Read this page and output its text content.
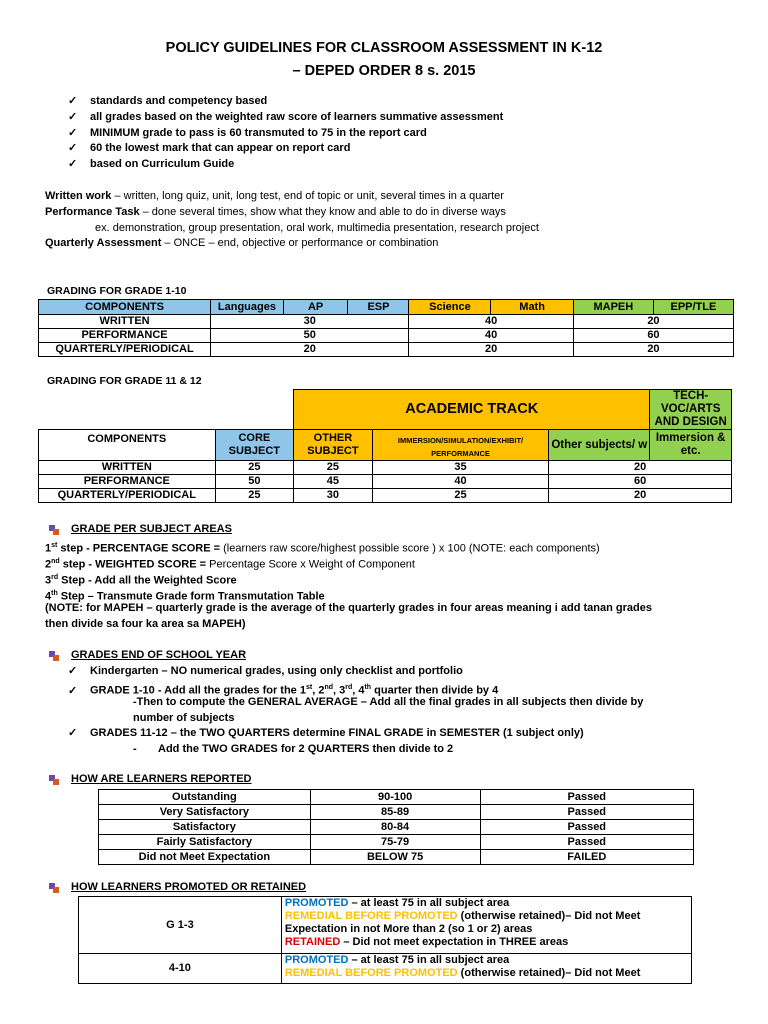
POLICY GUIDELINES FOR CLASSROOM ASSESSMENT IN K-12
– DEPED ORDER 8 s. 2015
✓ standards and competency based
✓ all grades based on the weighted raw score of learners summative assessment
✓ MINIMUM grade to pass is 60 transmuted to 75 in the report card
✓ 60 the lowest mark that can appear on report card
✓ based on Curriculum Guide
Written work – written, long quiz, unit, long test, end of topic or unit, several times in a quarter
Performance Task – done several times, show what they know and able to do in diverse ways
ex. demonstration, group presentation, oral work, multimedia presentation, research project
Quarterly Assessment – ONCE – end, objective or performance or combination
GRADING FOR GRADE 1-10
COMPONENTS	Languages	AP	ESP	Science	Math	MAPEH	EPP/TLE
WRITTEN	30			40		20	
PERFORMANCE	50			40		60	
QUARTERLY/PERIODICAL	20			20		20	
GRADING FOR GRADE 11 & 12
		ACADEMIC TRACK			TECH-VOC/ARTS AND DESIGN
COMPONENTS	CORE SUBJECT	OTHER SUBJECT	IMMERSION/SIMULATION/EXHIBIT/ PERFORMANCE	Other subjects/ w	Immersion & etc.
WRITTEN	25	25	35	20	
PERFORMANCE	50	45	40	60	
QUARTERLY/PERIODICAL	25	30	25	20	
GRADE PER SUBJECT AREAS
1st step - PERCENTAGE SCORE = (learners raw score/highest possible score ) x 100 (NOTE: each components)
2nd step - WEIGHTED SCORE = Percentage Score x Weight of Component
3rd Step - Add all the Weighted Score
4th Step – Transmute Grade form Transmutation Table
(NOTE: for MAPEH – quarterly grade is the average of the quarterly grades in four areas meaning i add tanan grades
then divide sa four ka area sa MAPEH)
GRADES END OF SCHOOL YEAR
✓ Kindergarten – NO numerical grades, using only checklist and portfolio
✓ GRADE 1-10 - Add all the grades for the 1st, 2nd, 3rd, 4th quarter then divide by 4
-Then to compute the GENERAL AVERAGE – Add all the final grades in all subjects then divide by
number of subjects
✓ GRADES 11-12 – the TWO QUARTERS determine FINAL GRADE in SEMESTER (1 subject only)
- Add the TWO GRADES for 2 QUARTERS then divide to 2
HOW ARE LEARNERS REPORTED
Outstanding	90-100	Passed
Very Satisfactory	85-89	Passed
Satisfactory	80-84	Passed
Fairly Satisfactory	75-79	Passed
Did not Meet Expectation	BELOW 75	FAILED
HOW LEARNERS PROMOTED OR RETAINED
G 1-3	PROMOTED – at least 75 in all subject area
REMEDIAL BEFORE PROMOTED (otherwise retained)– Did not Meet
Expectation in not More than 2 (so 1 or 2) areas
RETAINED – Did not meet expectation in THREE areas

4-10	PROMOTED – at least 75 in all subject area
REMEDIAL BEFORE PROMOTED (otherwise retained)– Did not Meet
